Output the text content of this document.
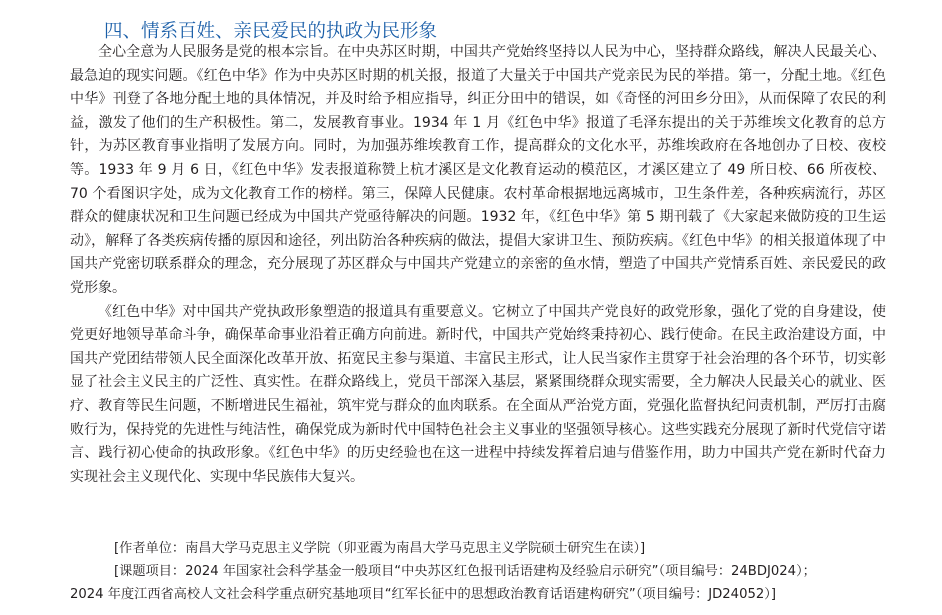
四、情系百姓、亲民爱民的执政为民形象

全心全意为人民服务是党的根本宗旨。在中央苏区时期，中国共产党始终坚持以人民为中心，坚持群众路线，解决人民最关心、最急迫的现实问题。《红色中华》作为中央苏区时期的机关报，报道了大量关于中国共产党亲民为民的举措。第一，分配土地。《红色中华》刊登了各地分配土地的具体情况，并及时给予相应指导，纠正分田中的错误，如《奇怪的河田乡分田》，从而保障了农民的利益，激发了他们的生产积极性。第二，发展教育事业。1934 年 1 月《红色中华》报道了毛泽东提出的关于苏维埃文化教育的总方针，为苏区教育事业指明了发展方向。同时，为加强苏维埃教育工作，提高群众的文化水平，苏维埃政府在各地创办了日校、夜校等。1933 年 9 月 6 日，《红色中华》发表报道称赞上杭才溪区是文化教育运动的模范区，才溪区建立了 49 所日校、66 所夜校、70 个看图识字处，成为文化教育工作的榜样。第三，保障人民健康。农村革命根据地远离城市，卫生条件差，各种疾病流行，苏区群众的健康状况和卫生问题已经成为中国共产党亟待解决的问题。1932 年，《红色中华》第 5 期刊载了《大家起来做防疫的卫生运动》，解释了各类疾病传播的原因和途径，列出防治各种疾病的做法，提倡大家讲卫生、预防疾病。《红色中华》的相关报道体现了中国共产党密切联系群众的理念，充分展现了苏区群众与中国共产党建立的亲密的鱼水情，塑造了中国共产党情系百姓、亲民爱民的政党形象。

《红色中华》对中国共产党执政形象塑造的报道具有重要意义。它树立了中国共产党良好的政党形象，强化了党的自身建设，使党更好地领导革命斗争，确保革命事业沿着正确方向前进。新时代，中国共产党始终秉持初心、践行使命。在民主政治建设方面，中国共产党团结带领人民全面深化改革开放、拓宽民主参与渠道、丰富民主形式，让人民当家作主贯穿于社会治理的各个环节，切实彰显了社会主义民主的广泛性、真实性。在群众路线上，党员干部深入基层，紧紧围绕群众现实需要，全力解决人民最关心的就业、医疗、教育等民生问题，不断增进民生福祉，筑牢党与群众的血肉联系。在全面从严治党方面，党强化监督执纪问责机制，严厉打击腐败行为，保持党的先进性与纯洁性，确保党成为新时代中国特色社会主义事业的坚强领导核心。这些实践充分展现了新时代党信守诺言、践行初心使命的执政形象。《红色中华》的历史经验也在这一进程中持续发挥着启迪与借鉴作用，助力中国共产党在新时代奋力实现社会主义现代化、实现中华民族伟大复兴。

[作者单位：南昌大学马克思主义学院（卯亚霞为南昌大学马克思主义学院硕士研究生在读）]

[课题项目：2024 年国家社会科学基金一般项目“中央苏区红色报刊话语建构及经验启示研究”（项目编号：24BDJ024）；

2024 年度江西省高校人文社会科学重点研究基地项目“红军长征中的思想政治教育话语建构研究”（项目编号：JD24052）]
